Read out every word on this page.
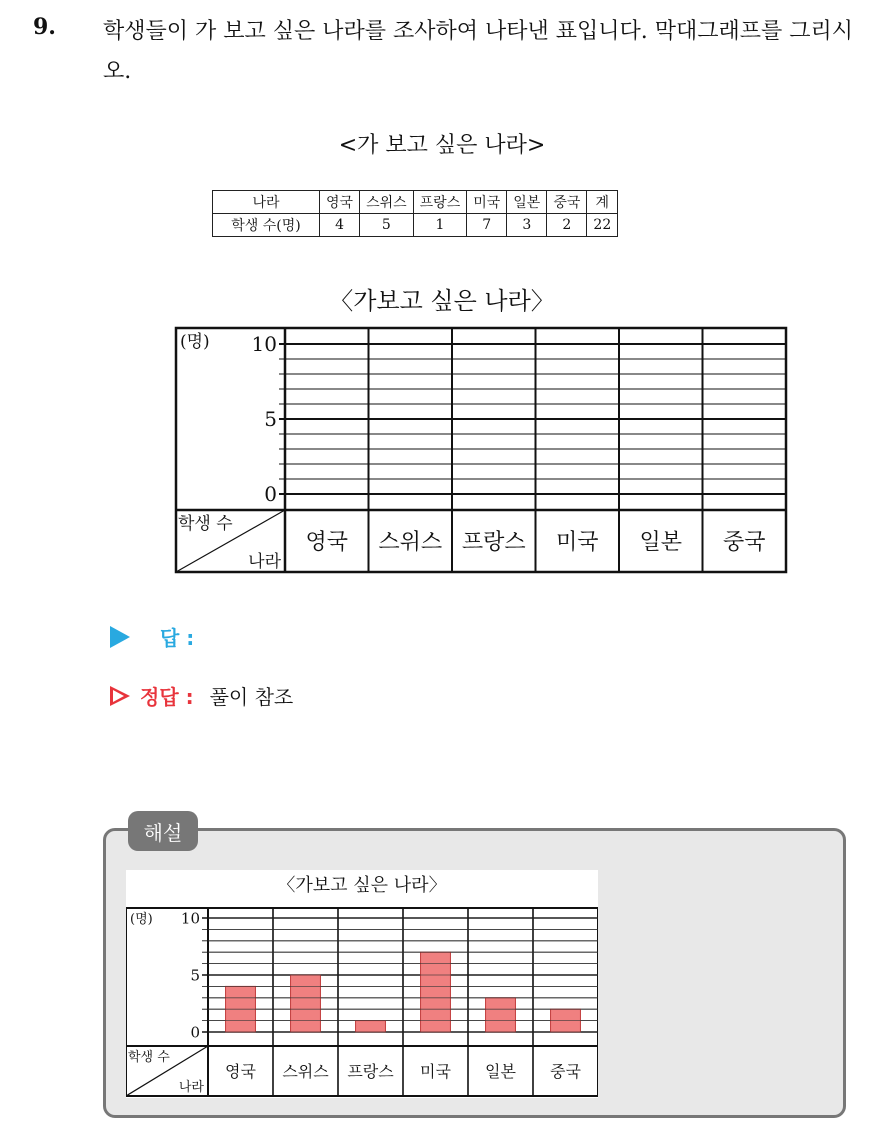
9. 학생들이 가 보고 싶은 나라를 조사하여 나타낸 표입니다. 막대그래프를 그리시오.
<가 보고 싶은 나라>
나라	영국	스위스	프랑스	미국	일본	중국	계
학생 수(명)	4	5	1	7	3	2	22
〈가보고 싶은 나라〉
영국 스위스 프랑스 미국 일본 중국
10
5
0
(명)
학생 수
나라
답 :
정답 : 풀이 참조
해설
〈가보고 싶은 나라〉
영국 스위스 프랑스 미국 일본 중국
10
5
0
(명)
학생 수
나라
